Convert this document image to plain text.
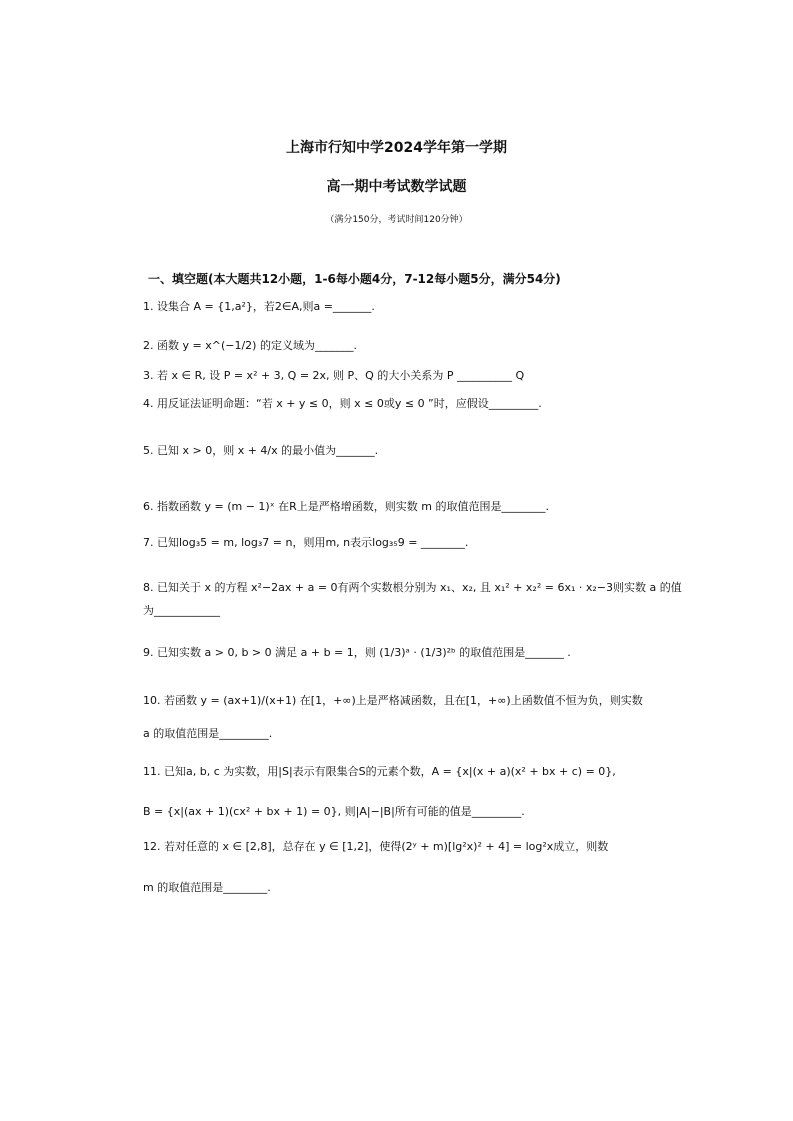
上海市行知中学2024学年第一学期
高一期中考试数学试题
（满分150分，考试时间120分钟）
一、填空题(本大题共12小题，1-6每小题4分，7-12每小题5分，满分54分)
1. 设集合 A = {1,a²}，若2∈A,则a =_______.
2. 函数 y = x^(−1/2) 的定义域为_______.
3. 若 x ∈ R, 设 P = x² + 3, Q = 2x, 则 P、Q 的大小关系为 P __________ Q
4. 用反证法证明命题：“若 x + y ≤ 0，则 x ≤ 0或y ≤ 0 ”时，应假设_________.
5. 已知 x > 0，则 x + 4/x 的最小值为_______.
6. 指数函数 y = (m − 1)ˣ 在R上是严格增函数，则实数 m 的取值范围是________.
7. 已知log₃5 = m, log₃7 = n，则用m, n表示log₃₅9 = ________.
8. 已知关于 x 的方程 x²−2ax + a = 0有两个实数根分别为 x₁、x₂, 且 x₁² + x₂² = 6x₁ · x₂−3则实数 a 的值
为____________
9. 已知实数 a > 0, b > 0 满足 a + b = 1，则 (1/3)ᵃ · (1/3)²ᵇ 的取值范围是_______ .
10. 若函数 y = (ax+1)/(x+1) 在[1，+∞)上是严格减函数，且在[1，+∞)上函数值不恒为负，则实数
a 的取值范围是_________.
11. 已知a, b, c 为实数，用|S|表示有限集合S的元素个数，A = {x|(x + a)(x² + bx + c) = 0},
B = {x|(ax + 1)(cx² + bx + 1) = 0}, 则|A|−|B|所有可能的值是_________.
12. 若对任意的 x ∈ [2,8]，总存在 y ∈ [1,2]，使得(2ʸ + m)[lg²x)² + 4] = log²x成立，则数
m 的取值范围是________.
